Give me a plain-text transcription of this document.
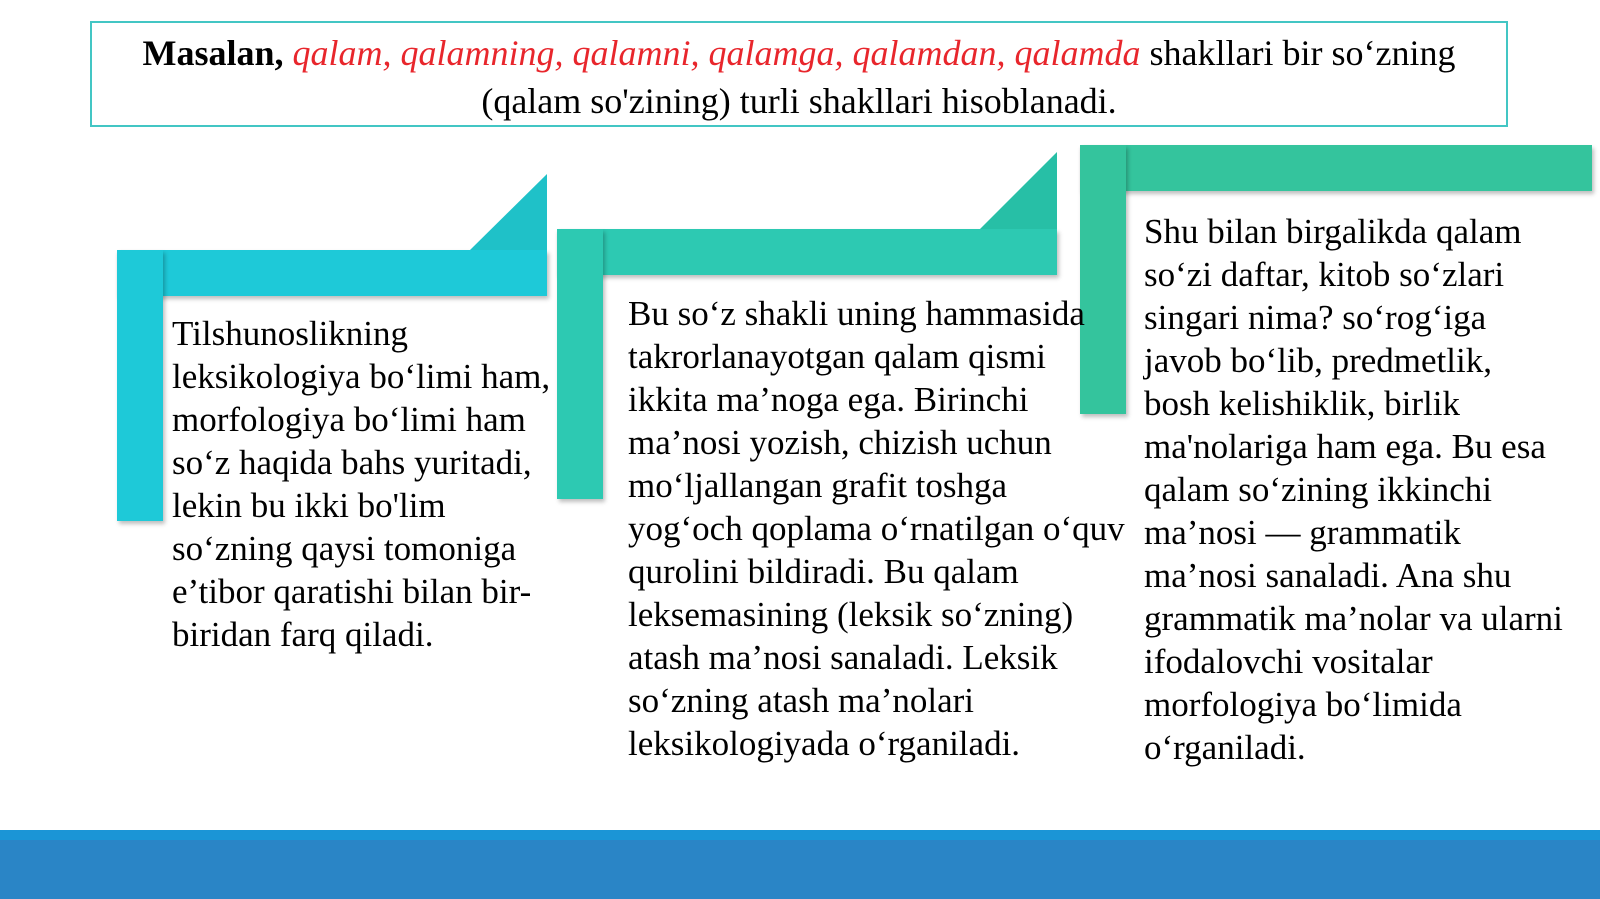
Masalan, qalam, qalamning, qalamni, qalamga, qalamdan, qalamda shakllari bir so‘zning (qalam so'zining) turli shakllari hisoblanadi.

Tilshunoslikning leksikologiya bo‘limi ham, morfologiya bo‘limi ham so‘z haqida bahs yuritadi, lekin bu ikki bo'lim so‘zning qaysi tomoniga e’tibor qaratishi bilan bir-biridan farq qiladi.

Bu so‘z shakli uning hammasida takrorlanayotgan qalam qismi ikkita ma’noga ega. Birinchi ma’nosi yozish, chizish uchun mo‘ljallangan grafit toshga yog‘och qoplama o‘rnatilgan o‘quv qurolini bildiradi. Bu qalam leksemasining (leksik so‘zning) atash ma’nosi sanaladi. Leksik so‘zning atash ma’nolari leksikologiyada o‘rganiladi.

Shu bilan birgalikda qalam so‘zi daftar, kitob so‘zlari singari nima? so‘rog‘iga javob bo‘lib, predmetlik, bosh kelishiklik, birlik ma'nolariga ham ega. Bu esa qalam so‘zining ikkinchi ma’nosi — grammatik ma’nosi sanaladi. Ana shu grammatik ma’nolar va ularni ifodalovchi vositalar morfologiya bo‘limida o‘rganiladi.
